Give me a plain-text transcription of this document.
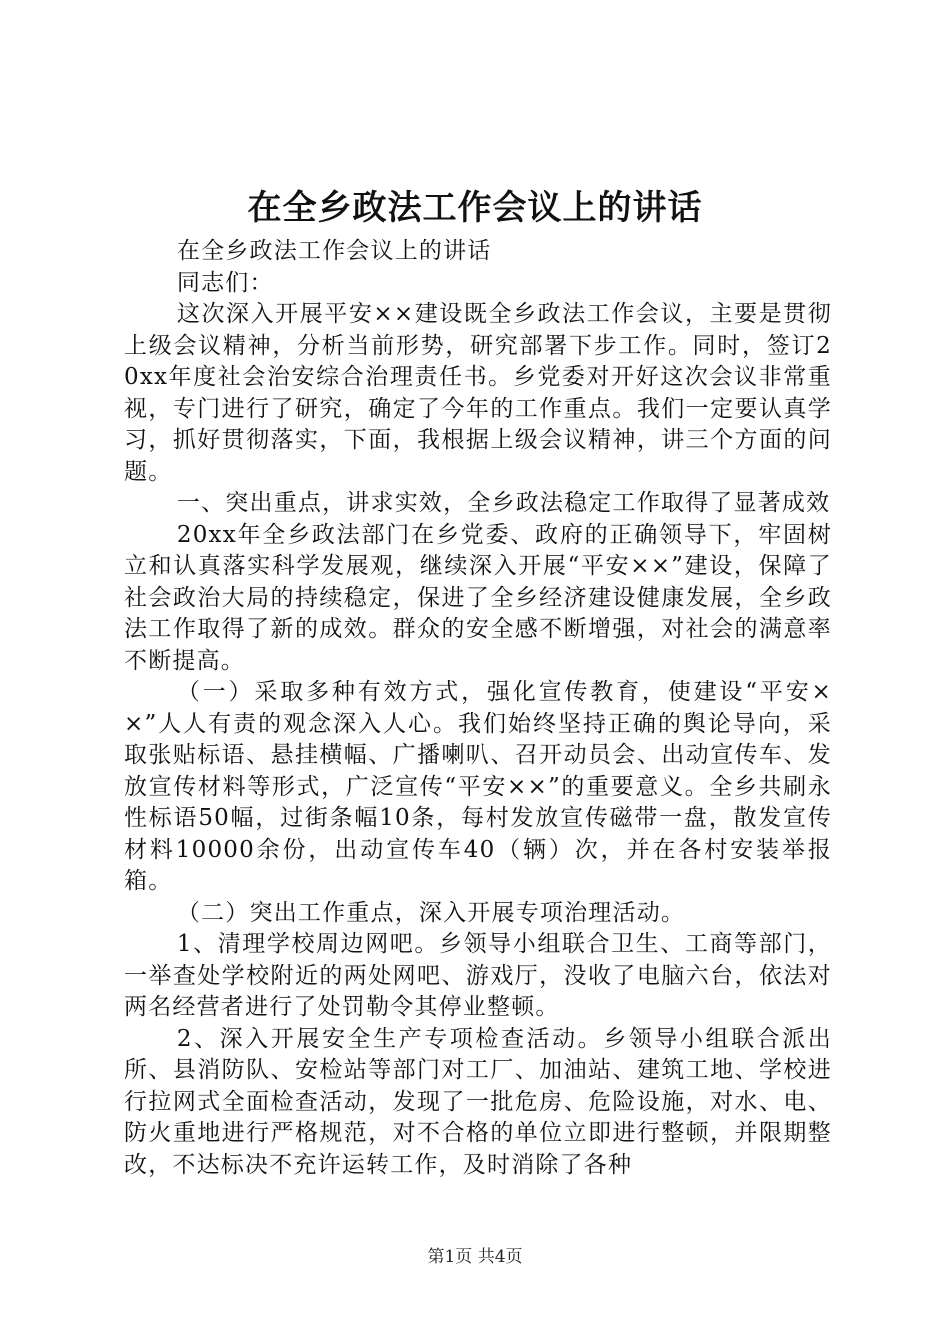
在全乡政法工作会议上的讲话

在全乡政法工作会议上的讲话

同志们：

这次深入开展平安××建设既全乡政法工作会议，主要是贯彻上级会议精神，分析当前形势，研究部署下步工作。同时，签订20xx年度社会治安综合治理责任书。乡党委对开好这次会议非常重视，专门进行了研究，确定了今年的工作重点。我们一定要认真学习，抓好贯彻落实，下面，我根据上级会议精神，讲三个方面的问题。

一、突出重点，讲求实效，全乡政法稳定工作取得了显著成效

20xx年全乡政法部门在乡党委、政府的正确领导下，牢固树立和认真落实科学发展观，继续深入开展“平安××”建设，保障了社会政治大局的持续稳定，保进了全乡经济建设健康发展，全乡政法工作取得了新的成效。群众的安全感不断增强，对社会的满意率不断提高。

（一）采取多种有效方式，强化宣传教育，使建设“平安××”人人有责的观念深入人心。我们始终坚持正确的舆论导向，采取张贴标语、悬挂横幅、广播喇叭、召开动员会、出动宣传车、发放宣传材料等形式，广泛宣传“平安××”的重要意义。全乡共刷永性标语50幅，过街条幅10条，每村发放宣传磁带一盘，散发宣传材料10000余份，出动宣传车40（辆）次，并在各村安装举报箱。

（二）突出工作重点，深入开展专项治理活动。

1、清理学校周边网吧。乡领导小组联合卫生、工商等部门，一举查处学校附近的两处网吧、游戏厅，没收了电脑六台，依法对两名经营者进行了处罚勒令其停业整顿。

2、深入开展安全生产专项检查活动。乡领导小组联合派出所、县消防队、安检站等部门对工厂、加油站、建筑工地、学校进行拉网式全面检查活动，发现了一批危房、危险设施，对水、电、防火重地进行严格规范，对不合格的单位立即进行整顿，并限期整改，不达标决不充许运转工作，及时消除了各种

第1页 共4页
